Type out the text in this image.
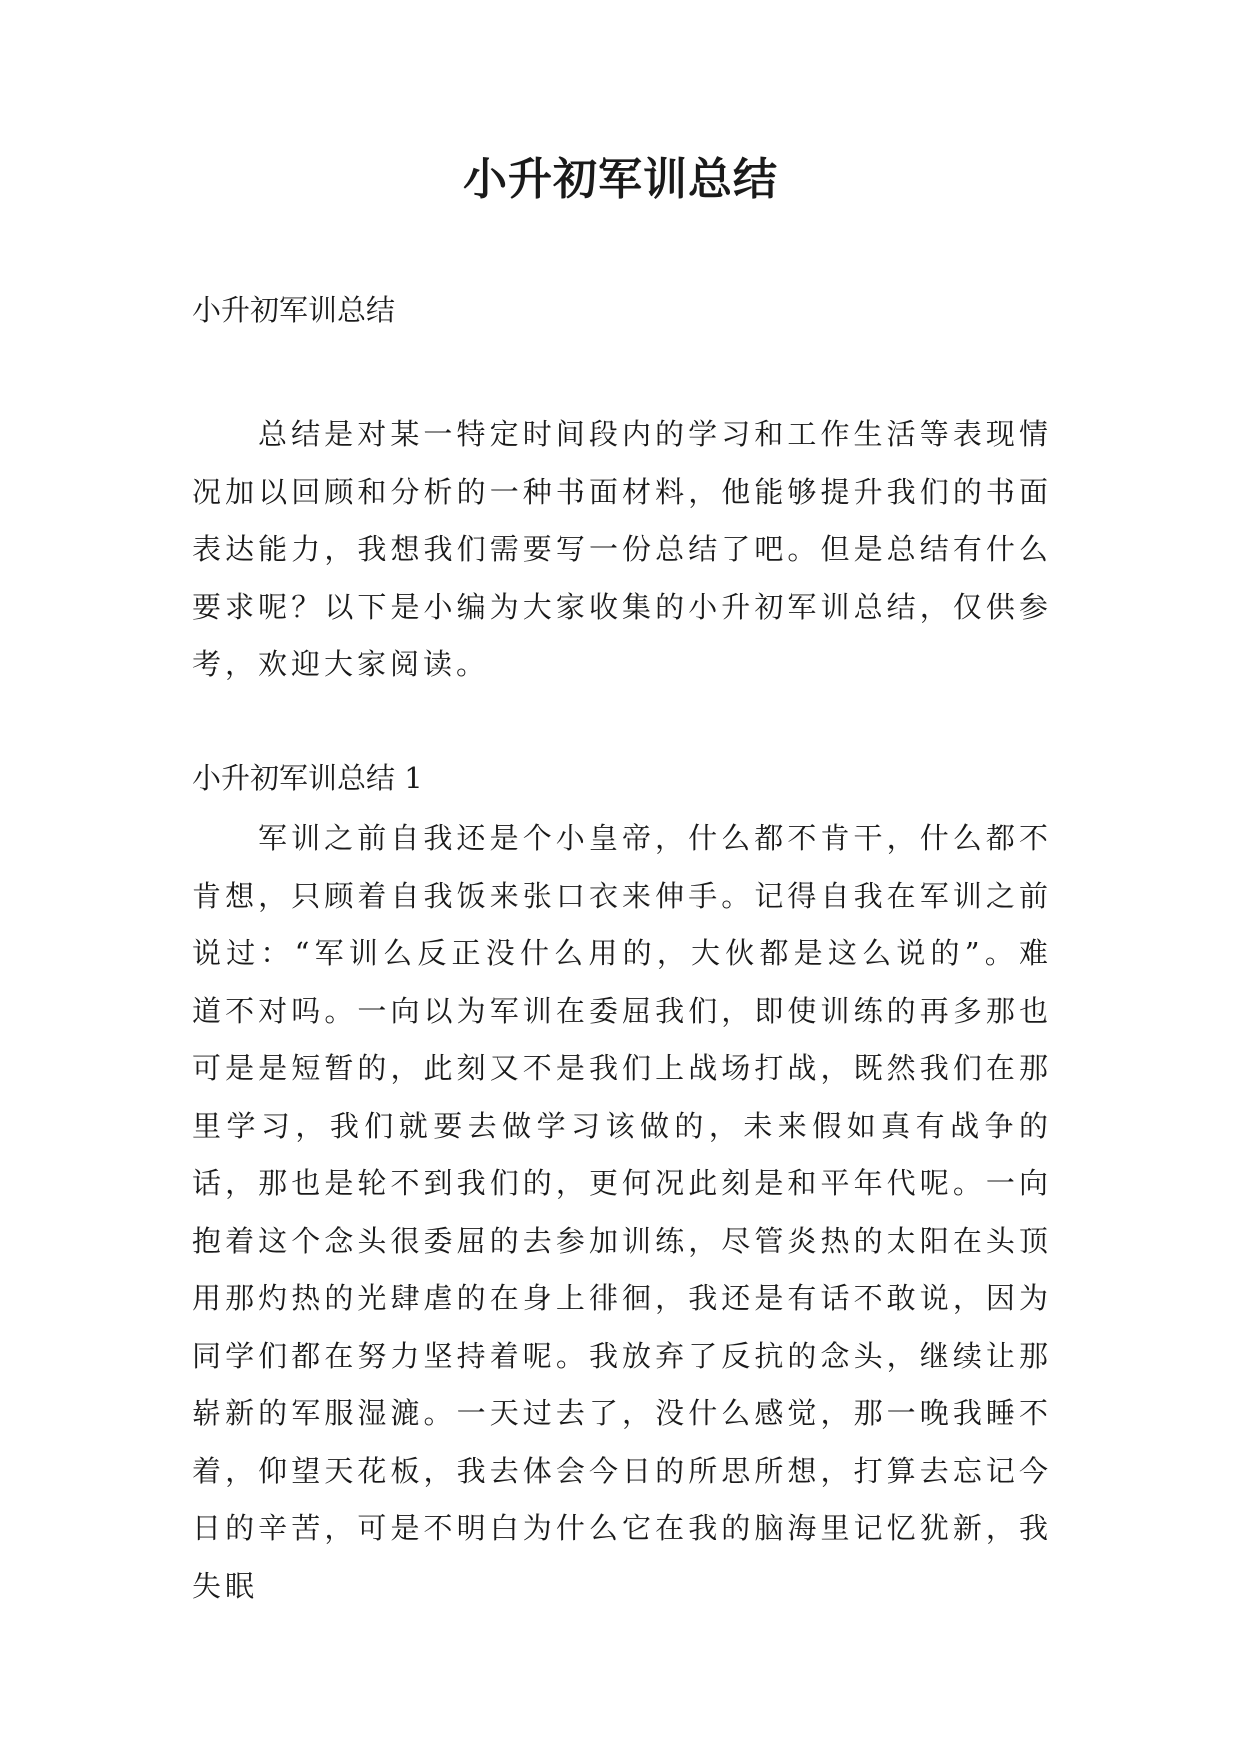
小升初军训总结

小升初军训总结

总结是对某一特定时间段内的学习和工作生活等表现情况加以回顾和分析的一种书面材料，他能够提升我们的书面表达能力，我想我们需要写一份总结了吧。但是总结有什么要求呢？以下是小编为大家收集的小升初军训总结，仅供参考，欢迎大家阅读。

小升初军训总结 1

军训之前自我还是个小皇帝，什么都不肯干，什么都不肯想，只顾着自我饭来张口衣来伸手。记得自我在军训之前说过：“军训么反正没什么用的，大伙都是这么说的”。难道不对吗。一向以为军训在委屈我们，即使训练的再多那也可是是短暂的，此刻又不是我们上战场打战，既然我们在那里学习，我们就要去做学习该做的，未来假如真有战争的话，那也是轮不到我们的，更何况此刻是和平年代呢。一向抱着这个念头很委屈的去参加训练，尽管炎热的太阳在头顶用那灼热的光肆虐的在身上徘徊，我还是有话不敢说，因为同学们都在努力坚持着呢。我放弃了反抗的念头，继续让那崭新的军服湿漉。一天过去了，没什么感觉，那一晚我睡不着，仰望天花板，我去体会今日的所思所想，打算去忘记今日的辛苦，可是不明白为什么它在我的脑海里记忆犹新，我失眠
